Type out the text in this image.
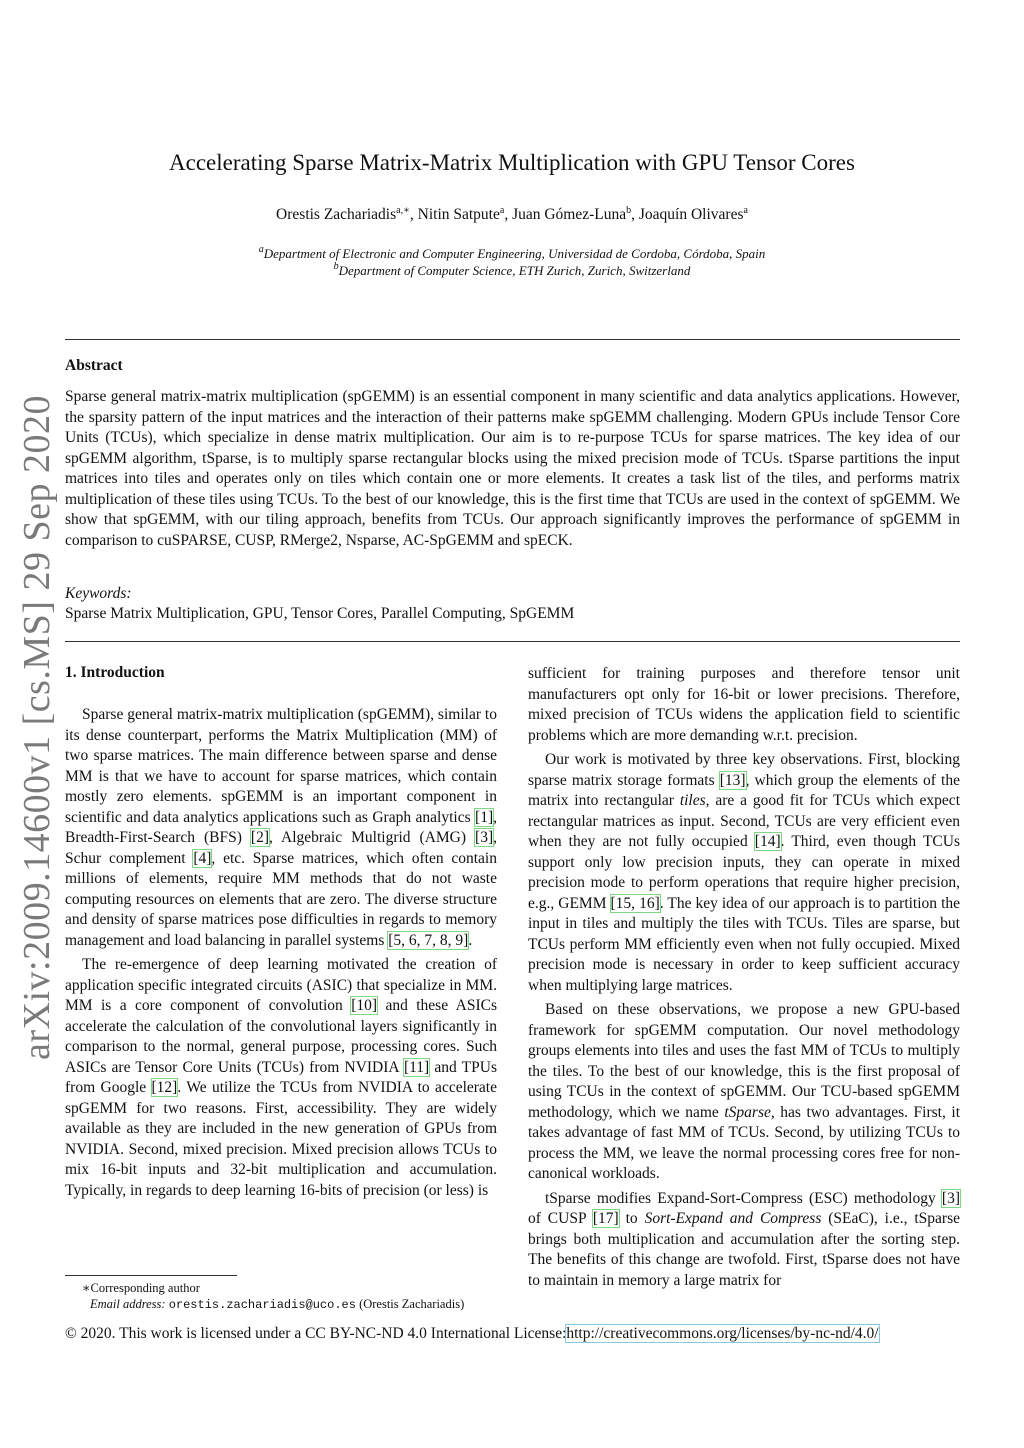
Accelerating Sparse Matrix-Matrix Multiplication with GPU Tensor Cores
Orestis Zachariadis$^{a,∗}$, Nitin Satpute$^a$, Juan Gómez-Luna$^b$, Joaquín Olivares$^a$
$^a$Department of Electronic and Computer Engineering, Universidad de Cordoba, Córdoba, Spain
$^b$Department of Computer Science, ETH Zurich, Zurich, Switzerland
Abstract
Sparse general matrix-matrix multiplication (spGEMM) is an essential component in many scientific and data analytics applications. However, the sparsity pattern of the input matrices and the interaction of their patterns make spGEMM challenging. Modern GPUs include Tensor Core Units (TCUs), which specialize in dense matrix multiplication. Our aim is to re-purpose TCUs for sparse matrices. The key idea of our spGEMM algorithm, tSparse, is to multiply sparse rectangular blocks using the mixed precision mode of TCUs. tSparse partitions the input matrices into tiles and operates only on tiles which contain one or more elements. It creates a task list of the tiles, and performs matrix multiplication of these tiles using TCUs. To the best of our knowledge, this is the first time that TCUs are used in the context of spGEMM. We show that spGEMM, with our tiling approach, benefits from TCUs. Our approach significantly improves the performance of spGEMM in comparison to cuSPARSE, CUSP, RMerge2, Nsparse, AC-SpGEMM and spECK.
Keywords:
Sparse Matrix Multiplication, GPU, Tensor Cores, Parallel Computing, SpGEMM
arXiv:2009.14600v1 [cs.MS] 29 Sep 2020 1. Introduction

Sparse general matrix-matrix multiplication (spGEMM), similar to its dense counterpart, performs the Matrix Multiplication (MM) of two sparse matrices. The main difference between sparse and dense MM is that we have to account for sparse matrices, which contain mostly zero elements. spGEMM is an important component in scientific and data analytics applications such as Graph analytics [1], Breadth-First-Search (BFS) [2], Algebraic Multigrid (AMG) [3], Schur complement [4], etc. Sparse matrices, which often contain millions of elements, require MM methods that do not waste computing resources on elements that are zero. The diverse structure and density of sparse matrices pose difficulties in regards to memory management and load balancing in parallel systems [5, 6, 7, 8, 9].

The re-emergence of deep learning motivated the creation of application specific integrated circuits (ASIC) that specialize in MM. MM is a core component of convolution [10] and these ASICs accelerate the calculation of the convolutional layers significantly in comparison to the normal, general purpose, processing cores. Such ASICs are Tensor Core Units (TCUs) from NVIDIA [11] and TPUs from Google [12]. We utilize the TCUs from NVIDIA to accelerate spGEMM for two reasons. First, accessibility. They are widely available as they are included in the new generation of GPUs from NVIDIA. Second, mixed precision. Mixed precision allows TCUs to mix 16-bit inputs and 32-bit multiplication and accumulation. Typically, in regards to deep learning 16-bits of precision (or less) is

sufficient for training purposes and therefore tensor unit manufacturers opt only for 16-bit or lower precisions. Therefore, mixed precision of TCUs widens the application field to scientific problems which are more demanding w.r.t. precision.

Our work is motivated by three key observations. First, blocking sparse matrix storage formats [13], which group the elements of the matrix into rectangular tiles, are a good fit for TCUs which expect rectangular matrices as input. Second, TCUs are very efficient even when they are not fully occupied [14]. Third, even though TCUs support only low precision inputs, they can operate in mixed precision mode to perform operations that require higher precision, e.g., GEMM [15, 16]. The key idea of our approach is to partition the input in tiles and multiply the tiles with TCUs. Tiles are sparse, but TCUs perform MM efficiently even when not fully occupied. Mixed precision mode is necessary in order to keep sufficient accuracy when multiplying large matrices.

Based on these observations, we propose a new GPU-based framework for spGEMM computation. Our novel methodology groups elements into tiles and uses the fast MM of TCUs to multiply the tiles. To the best of our knowledge, this is the first proposal of using TCUs in the context of spGEMM. Our TCU-based spGEMM methodology, which we name tSparse, has two advantages. First, it takes advantage of fast MM of TCUs. Second, by utilizing TCUs to process the MM, we leave the normal processing cores free for non-canonical workloads.

tSparse modifies Expand-Sort-Compress (ESC) methodology [3] of CUSP [17] to Sort-Expand and Compress (SEaC), i.e., tSparse brings both multiplication and accumulation after the sorting step. The benefits of this change are twofold. First, tSparse does not have to maintain in memory a large matrix for

∗Corresponding author
Email address: orestis.zachariadis@uco.es (Orestis Zachariadis)
© 2020. This work is licensed under a CC BY-NC-ND 4.0 International License:http://creativecommons.org/licenses/by-nc-nd/4.0/
